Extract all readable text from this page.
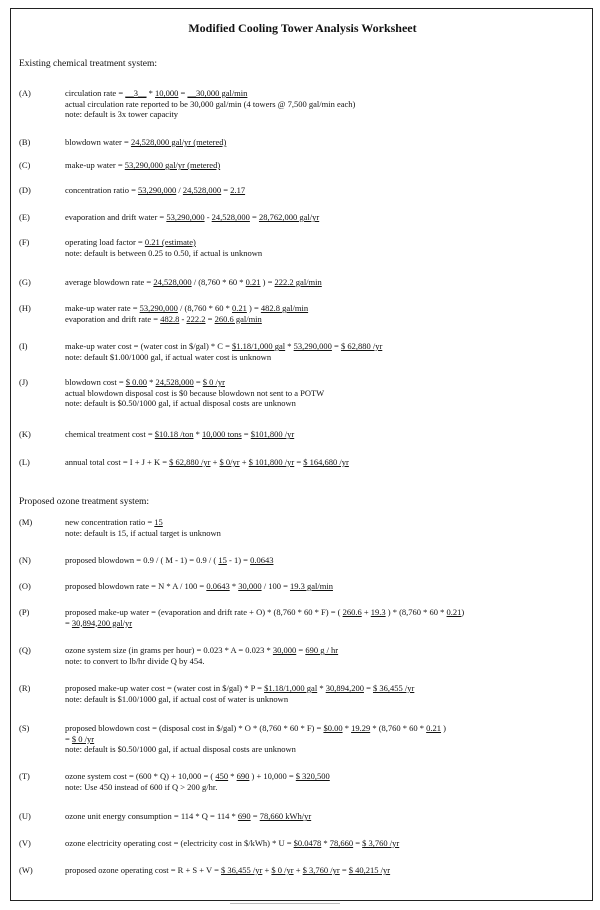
Modified Cooling Tower Analysis Worksheet
Existing chemical treatment system:
Proposed ozone treatment system:
(A)	circulation rate = __3__ * 10,000 = __30,000 gal/min
actual circulation rate reported to be 30,000 gal/min (4 towers @ 7,500 gal/min each)
note: default is 3x tower capacity
(B)	blowdown water = 24,528,000 gal/yr (metered)
(C)	make-up water = 53,290,000 gal/yr (metered)
(D)	concentration ratio = 53,290,000 / 24,528,000 = 2.17
(E)	evaporation and drift water = 53,290,000 - 24,528,000 = 28,762,000 gal/yr
(F)	operating load factor = 0.21 (estimate)
note: default is between 0.25 to 0.50, if actual is unknown
(G)	average blowdown rate = 24,528,000 / (8,760 * 60 * 0.21 ) = 222.2 gal/min
(H)	make-up water rate = 53,290,000 / (8,760 * 60 * 0.21 ) = 482.8 gal/min
evaporation and drift rate = 482.8 - 222.2 = 260.6 gal/min
(I)	make-up water cost = (water cost in $/gal) * C = $1.18/1,000 gal * 53,290,000 = $ 62,880 /yr
note: default $1.00/1000 gal, if actual water cost is unknown
(J)	blowdown cost = $ 0.00 * 24,528,000 = $ 0 /yr
actual blowdown disposal cost is $0 because blowdown not sent to a POTW
note: default is $0.50/1000 gal, if actual disposal costs are unknown
(K)	chemical treatment cost = $10.18 /ton * 10,000 tons = $101,800 /yr
(L)	annual total cost = I + J + K = $ 62,880 /yr + $ 0/yr + $ 101,800 /yr = $ 164,680 /yr
(M)	new concentration ratio = 15
note: default is 15, if actual target is unknown
(N)	proposed blowdown = 0.9 / ( M - 1) = 0.9 / ( 15 - 1) = 0.0643
(O)	proposed blowdown rate = N * A / 100 = 0.0643 * 30,000 / 100 = 19.3 gal/min
(P)	proposed make-up water = (evaporation and drift rate + O) * (8,760 * 60 * F) = ( 260.6 + 19.3 ) * (8,760 * 60 * 0.21)
= 30,894,200 gal/yr
(Q)	ozone system size (in grams per hour) = 0.023 * A = 0.023 * 30,000 = 690 g / hr
note: to convert to lb/hr divide Q by 454.
(R)	proposed make-up water cost = (water cost in $/gal) * P = $1.18/1,000 gal * 30,894,200 = $ 36,455 /yr
note: default is $1.00/1000 gal, if actual cost of water is unknown
(S)	proposed blowdown cost = (disposal cost in $/gal) * O * (8,760 * 60 * F) = $0.00 * 19.29 * (8,760 * 60 * 0.21 )
= $ 0 /yr
note: default is $0.50/1000 gal, if actual disposal costs are unknown
(T)	ozone system cost = (600 * Q) + 10,000 = ( 450 * 690 ) + 10,000 = $ 320,500
note: Use 450 instead of 600 if Q > 200 g/hr.
(U)	ozone unit energy consumption = 114 * Q = 114 * 690 = 78,660 kWh/yr
(V)	ozone electricity operating cost = (electricity cost in $/kWh) * U = $0.0478 * 78,660 = $ 3,760 /yr
(W)	proposed ozone operating cost = R + S + V = $ 36,455 /yr + $ 0 /yr + $ 3,760 /yr = $ 40,215 /yr
